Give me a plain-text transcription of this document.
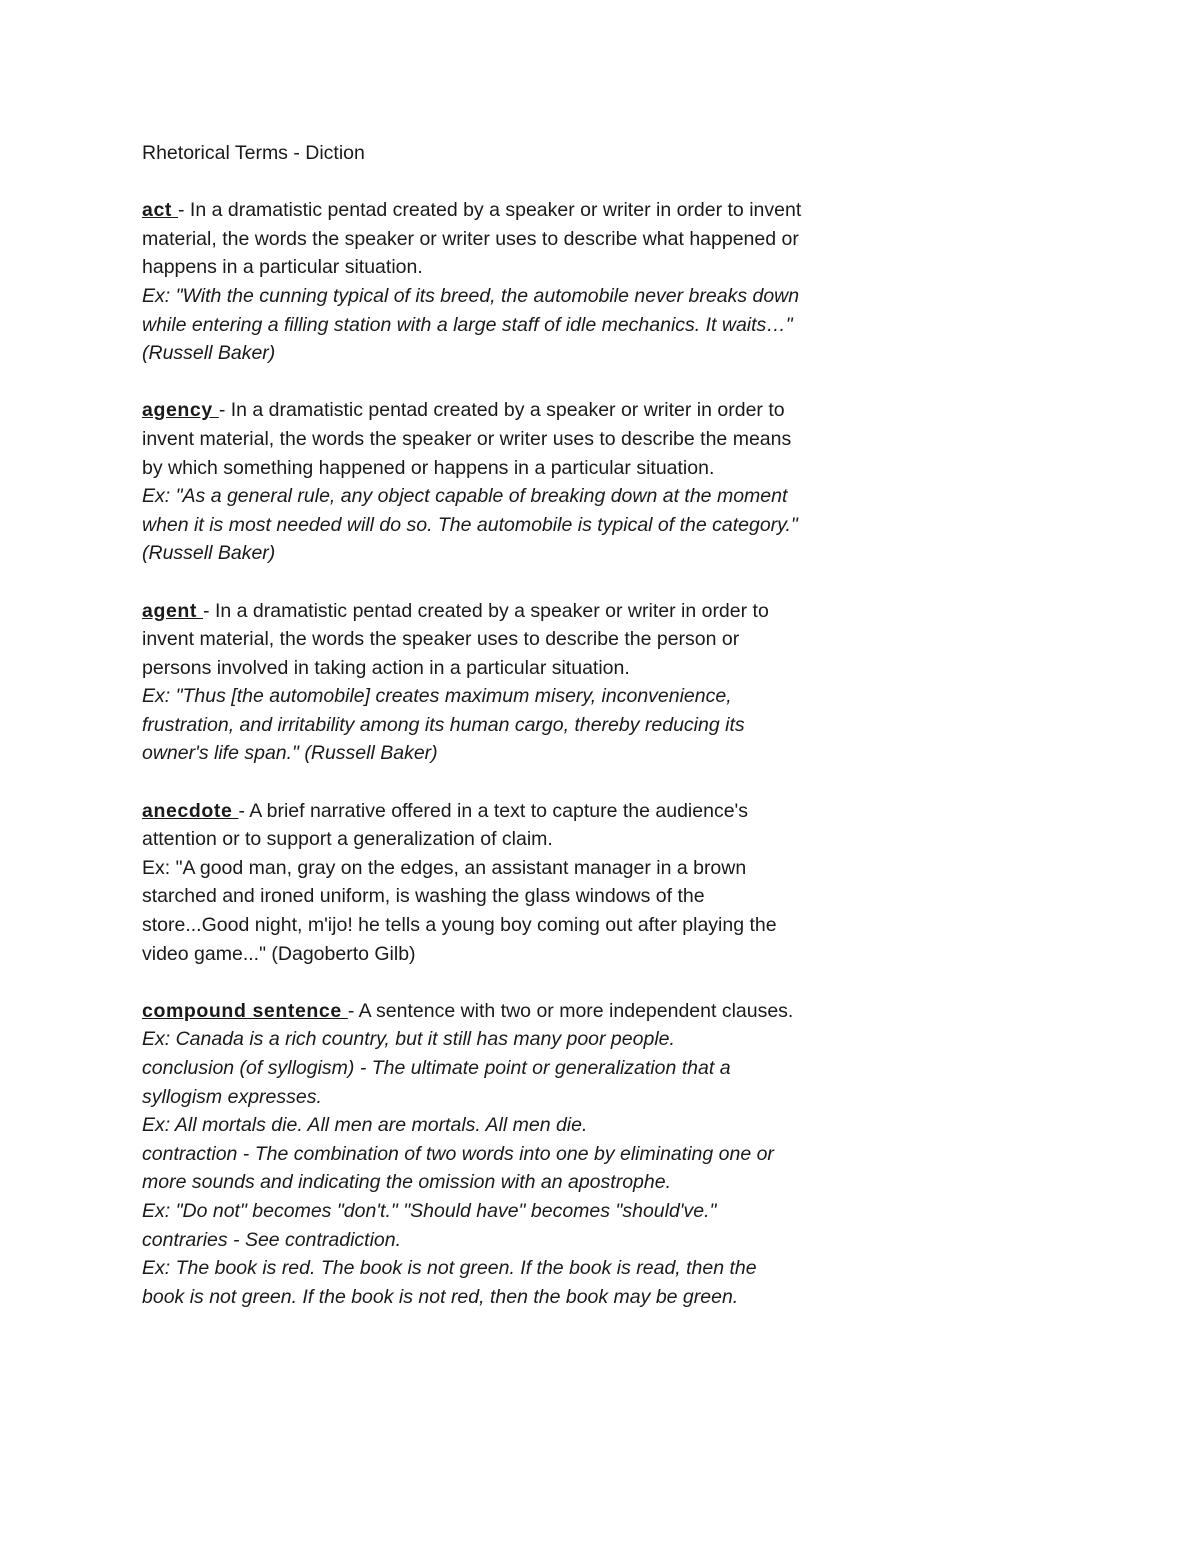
Rhetorical Terms - Diction
act - In a dramatistic pentad created by a speaker or writer in order to invent material, the words the speaker or writer uses to describe what happened or happens in a particular situation.
Ex: "With the cunning typical of its breed, the automobile never breaks down while entering a filling station with a large staff of idle mechanics. It waits…" (Russell Baker)
agency - In a dramatistic pentad created by a speaker or writer in order to invent material, the words the speaker or writer uses to describe the means by which something happened or happens in a particular situation.
Ex: "As a general rule, any object capable of breaking down at the moment when it is most needed will do so. The automobile is typical of the category." (Russell Baker)
agent - In a dramatistic pentad created by a speaker or writer in order to invent material, the words the speaker uses to describe the person or persons involved in taking action in a particular situation.
Ex: "Thus [the automobile] creates maximum misery, inconvenience, frustration, and irritability among its human cargo, thereby reducing its owner's life span." (Russell Baker)
anecdote - A brief narrative offered in a text to capture the audience's attention or to support a generalization of claim.
Ex: "A good man, gray on the edges, an assistant manager in a brown starched and ironed uniform, is washing the glass windows of the store...Good night, m'ijo! he tells a young boy coming out after playing the video game..." (Dagoberto Gilb)
compound sentence - A sentence with two or more independent clauses.
Ex: Canada is a rich country, but it still has many poor people.
conclusion (of syllogism) - The ultimate point or generalization that a syllogism expresses.
Ex: All mortals die. All men are mortals. All men die.
contraction - The combination of two words into one by eliminating one or more sounds and indicating the omission with an apostrophe.
Ex: "Do not" becomes "don't." "Should have" becomes "should've."
contraries - See contradiction.
Ex: The book is red. The book is not green. If the book is read, then the book is not green. If the book is not red, then the book may be green.
